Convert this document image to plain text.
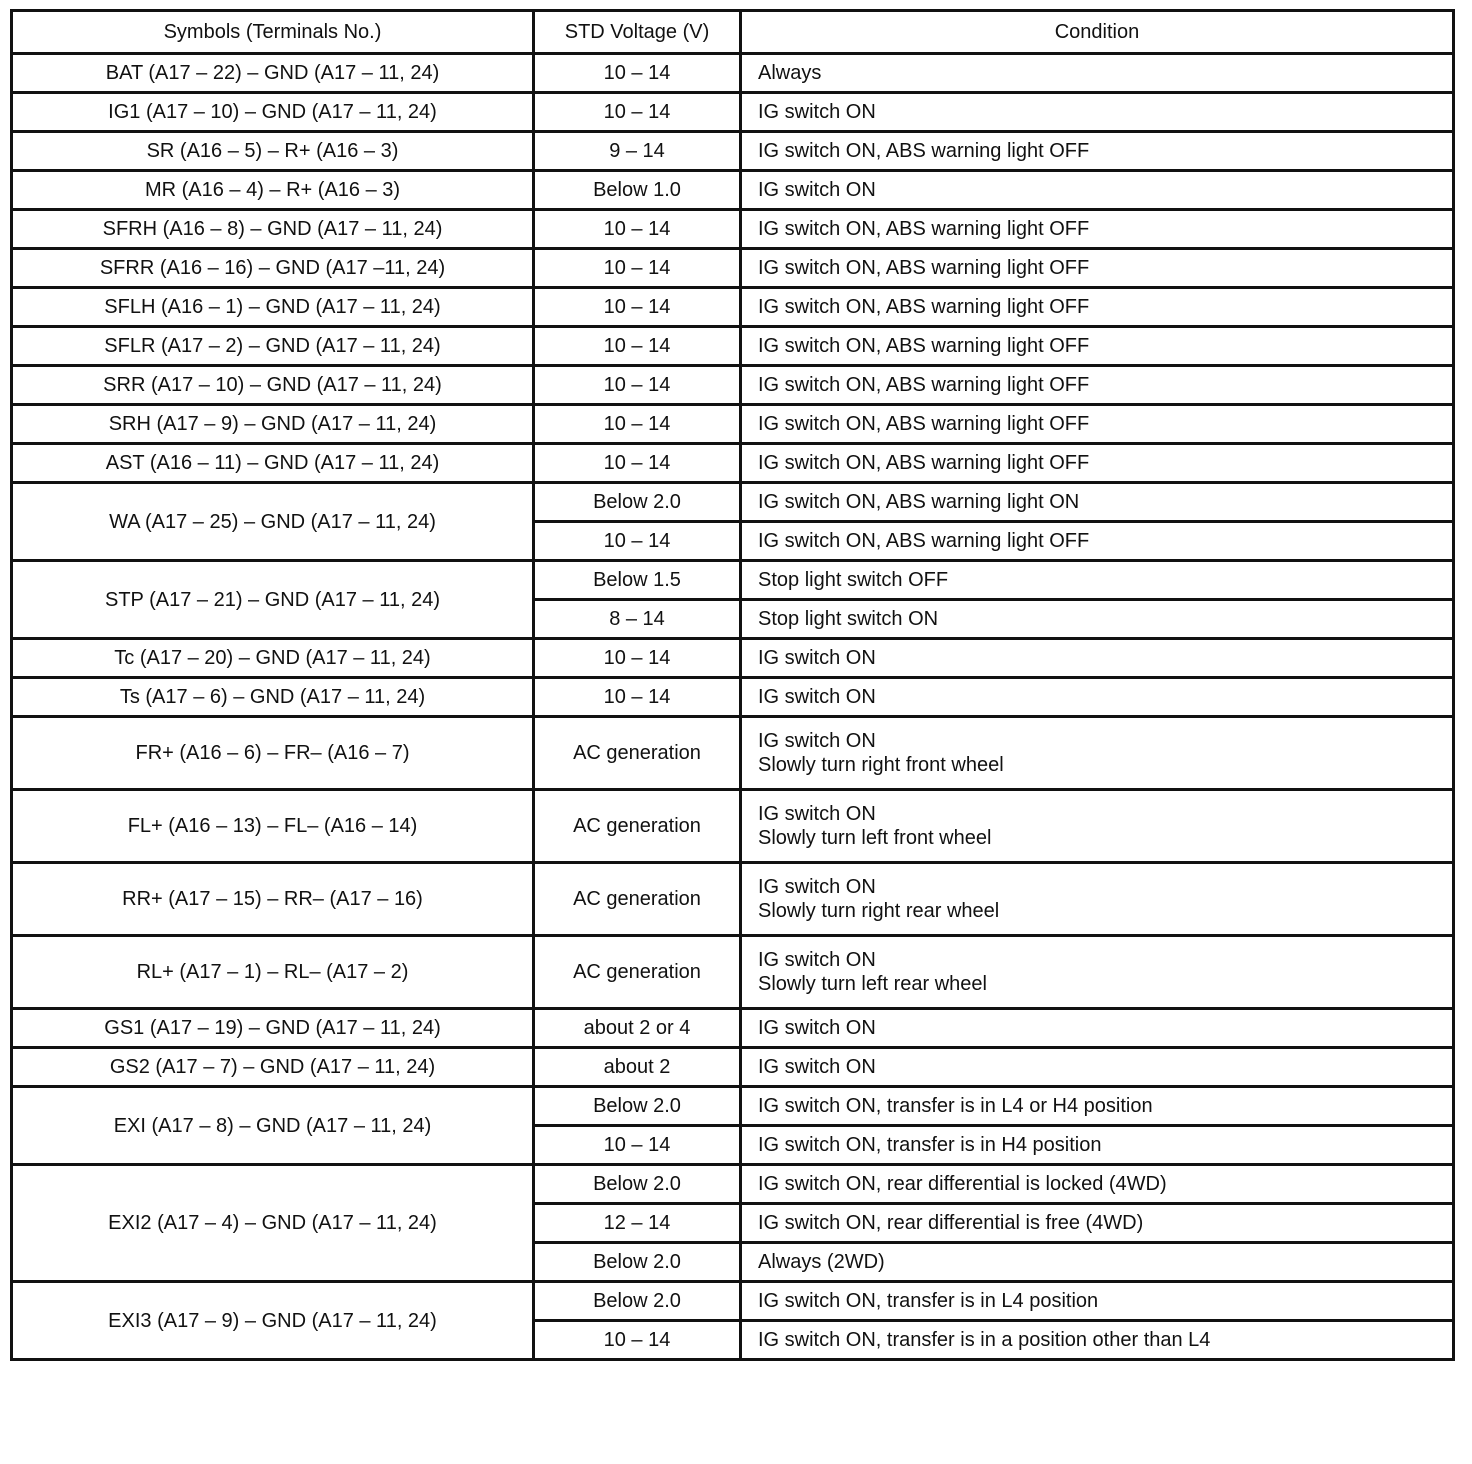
Symbols (Terminals No.)	STD Voltage (V)	Condition
BAT (A17 – 22) – GND (A17 – 11, 24)	10 – 14	Always
IG1 (A17 – 10) – GND (A17 – 11, 24)	10 – 14	IG switch ON
SR (A16 – 5) – R+ (A16 – 3)	9 – 14	IG switch ON, ABS warning light OFF
MR (A16 – 4) – R+ (A16 – 3)	Below 1.0	IG switch ON
SFRH (A16 – 8) – GND (A17 – 11, 24)	10 – 14	IG switch ON, ABS warning light OFF
SFRR (A16 – 16) – GND (A17 –11, 24)	10 – 14	IG switch ON, ABS warning light OFF
SFLH (A16 – 1) – GND (A17 – 11, 24)	10 – 14	IG switch ON, ABS warning light OFF
SFLR (A17 – 2) – GND (A17 – 11, 24)	10 – 14	IG switch ON, ABS warning light OFF
SRR (A17 – 10) – GND (A17 – 11, 24)	10 – 14	IG switch ON, ABS warning light OFF
SRH (A17 – 9) – GND (A17 – 11, 24)	10 – 14	IG switch ON, ABS warning light OFF
AST (A16 – 11) – GND (A17 – 11, 24)	10 – 14	IG switch ON, ABS warning light OFF
WA (A17 – 25) – GND (A17 – 11, 24)	Below 2.0	IG switch ON, ABS warning light ON
	10 – 14	IG switch ON, ABS warning light OFF
STP (A17 – 21) – GND (A17 – 11, 24)	Below 1.5	Stop light switch OFF
	8 – 14	Stop light switch ON
Tc (A17 – 20) – GND (A17 – 11, 24)	10 – 14	IG switch ON
Ts (A17 – 6) – GND (A17 – 11, 24)	10 – 14	IG switch ON
FR+ (A16 – 6) – FR– (A16 – 7)	AC generation	IG switch ON
Slowly turn right front wheel

FL+ (A16 – 13) – FL– (A16 – 14)	AC generation	IG switch ON
Slowly turn left front wheel

RR+ (A17 – 15) – RR– (A17 – 16)	AC generation	IG switch ON
Slowly turn right rear wheel

RL+ (A17 – 1) – RL– (A17 – 2)	AC generation	IG switch ON
Slowly turn left rear wheel

GS1 (A17 – 19) – GND (A17 – 11, 24)	about 2 or 4	IG switch ON
GS2 (A17 – 7) – GND (A17 – 11, 24)	about 2	IG switch ON
EXI (A17 – 8) – GND (A17 – 11, 24)	Below 2.0	IG switch ON, transfer is in L4 or H4 position
	10 – 14	IG switch ON, transfer is in H4 position
EXI2 (A17 – 4) – GND (A17 – 11, 24)	Below 2.0	IG switch ON, rear differential is locked (4WD)
	12 – 14	IG switch ON, rear differential is free (4WD)
	Below 2.0	Always (2WD)
EXI3 (A17 – 9) – GND (A17 – 11, 24)	Below 2.0	IG switch ON, transfer is in L4 position
	10 – 14	IG switch ON, transfer is in a position other than L4
